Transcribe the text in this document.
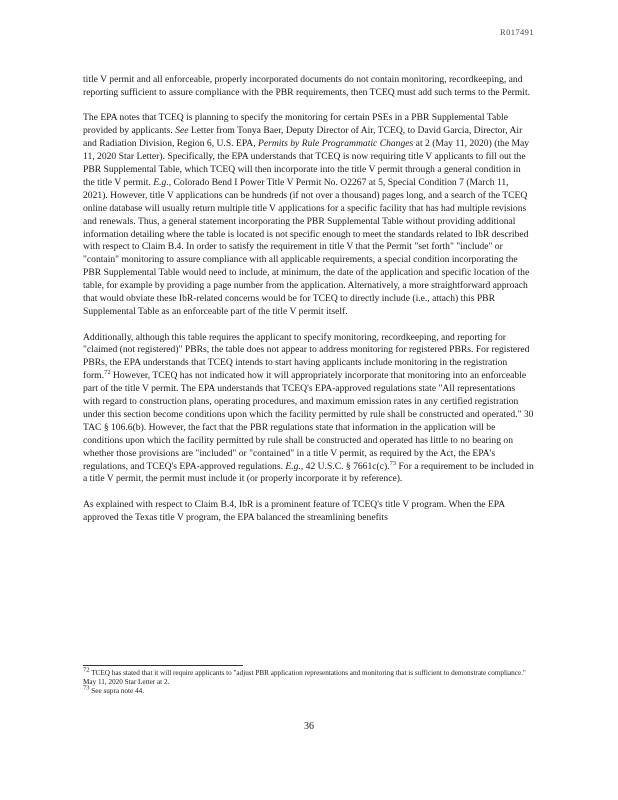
R017491

title V permit and all enforceable, properly incorporated documents do not contain monitoring, recordkeeping, and reporting sufficient to assure compliance with the PBR requirements, then TCEQ must add such terms to the Permit.

The EPA notes that TCEQ is planning to specify the monitoring for certain PSEs in a PBR Supplemental Table provided by applicants. See Letter from Tonya Baer, Deputy Director of Air, TCEQ, to David Garcia, Director, Air and Radiation Division, Region 6, U.S. EPA, Permits by Rule Programmatic Changes at 2 (May 11, 2020) (the May 11, 2020 Star Letter). Specifically, the EPA understands that TCEQ is now requiring title V applicants to fill out the PBR Supplemental Table, which TCEQ will then incorporate into the title V permit through a general condition in the title V permit. E.g., Colorado Bend I Power Title V Permit No. O2267 at 5, Special Condition 7 (March 11, 2021). However, title V applications can be hundreds (if not over a thousand) pages long, and a search of the TCEQ online database will usually return multiple title V applications for a specific facility that has had multiple revisions and renewals. Thus, a general statement incorporating the PBR Supplemental Table without providing additional information detailing where the table is located is not specific enough to meet the standards related to IbR described with respect to Claim B.4. In order to satisfy the requirement in title V that the Permit "set forth" "include" or "contain" monitoring to assure compliance with all applicable requirements, a special condition incorporating the PBR Supplemental Table would need to include, at minimum, the date of the application and specific location of the table, for example by providing a page number from the application. Alternatively, a more straightforward approach that would obviate these IbR-related concerns would be for TCEQ to directly include (i.e., attach) this PBR Supplemental Table as an enforceable part of the title V permit itself.

Additionally, although this table requires the applicant to specify monitoring, recordkeeping, and reporting for "claimed (not registered)" PBRs, the table does not appear to address monitoring for registered PBRs. For registered PBRs, the EPA understands that TCEQ intends to start having applicants include monitoring in the registration form.$^{72}$ However, TCEQ has not indicated how it will appropriately incorporate that monitoring into an enforceable part of the title V permit. The EPA understands that TCEQ's EPA-approved regulations state "All representations with regard to construction plans, operating procedures, and maximum emission rates in any certified registration under this section become conditions upon which the facility permitted by rule shall be constructed and operated." 30 TAC § 106.6(b). However, the fact that the PBR regulations state that information in the application will be conditions upon which the facility permitted by rule shall be constructed and operated has little to no bearing on whether those provisions are "included" or "contained" in a title V permit, as required by the Act, the EPA's regulations, and TCEQ's EPA-approved regulations. E.g., 42 U.S.C. § 7661c(c).$^{73}$ For a requirement to be included in a title V permit, the permit must include it (or properly incorporate it by reference).

As explained with respect to Claim B.4, IbR is a prominent feature of TCEQ's title V program. When the EPA approved the Texas title V program, the EPA balanced the streamlining benefits

$^{72}$ TCEQ has stated that it will require applicants to "adjust PBR application representations and monitoring that is sufficient to demonstrate compliance." May 11, 2020 Star Letter at 2.

$^{73}$ See supra note 44.

36
